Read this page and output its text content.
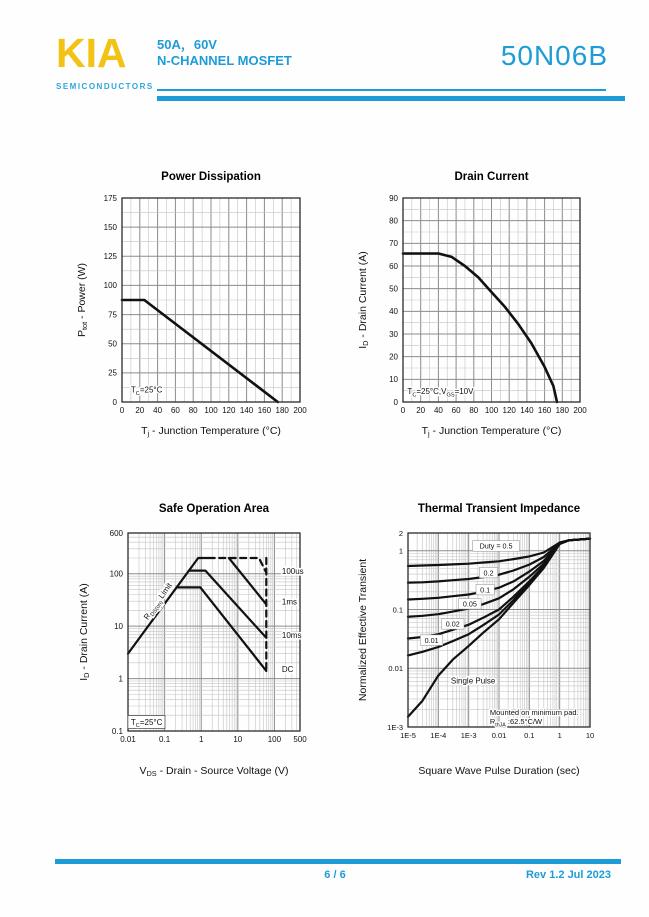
KIA
SEMICONDUCTORS
50A，60V
N-CHANNEL MOSFET	50N06B
$T_C=25^\circ C$
0 20 40 60 80 100 120 140 160 180 200
0
25
50
75
100
125
150
175
Power Dissipation
$T_j$ - Junction Temperature (°C)
$P_{tot}$ - Power (W)
$T_C=25^\circ C,V_{GS}=10V$
0 20 40 60 80 100 120 140 160 180 200
0
10
20
30
40
50
60
70
80
90
Drain Current
$T_j$ - Junction Temperature (°C)
$I_D$ - Drain Current (A)
$R_{DS(on)}$ Limit
100us
1ms
10ms
DC
$T_C=25^\circ C$
0.01	0.1	1	10	100 500
0.1
1
10
100
600
Safe Operation Area
$V_{DS}$ - Drain - Source Voltage (V)
$I_D$ - Drain Current (A)
Duty = 0.5
0.2
0.1
0.05
0.02
0.01
Single Pulse
Mounted on minimum pad.
$R_{thJA}$ :62.5°C/W
1E-5 1E-4 1E-3 0.01 0.1	1	10
1E-3
0.01
0.1
1
2
Thermal Transient Impedance
Square Wave Pulse Duration (sec)
Normalized Effective Transient
6 / 6	Rev 1.2 Jul 2023
